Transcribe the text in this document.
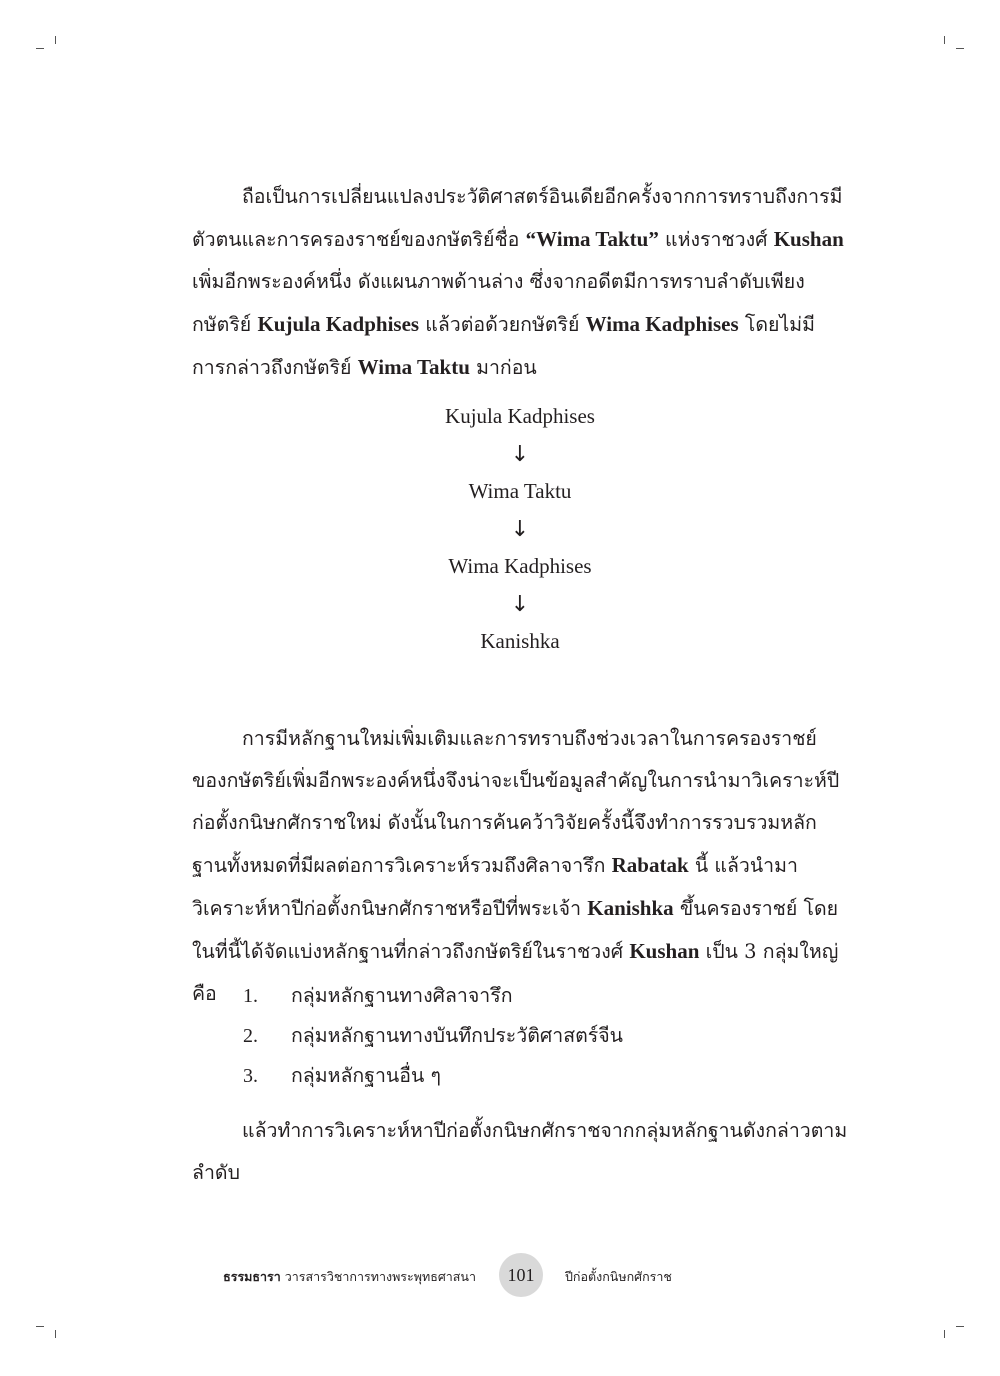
ถือเป็นการเปลี่ยนแปลงประวัติศาสตร์อินเดียอีกครั้งจากการทราบถึงการมีตัวตนและการครองราชย์ของกษัตริย์ชื่อ “Wima Taktu” แห่งราชวงศ์ Kushan เพิ่มอีกพระองค์หนึ่ง ดังแผนภาพด้านล่าง ซึ่งจากอดีตมีการทราบลำดับเพียงกษัตริย์ Kujula Kadphises แล้วต่อด้วยกษัตริย์ Wima Kadphises โดยไม่มีการกล่าวถึงกษัตริย์ Wima Taktu มาก่อน

Kujula Kadphises
↓
Wima Taktu
↓
Wima Kadphises
↓
Kanishka

การมีหลักฐานใหม่เพิ่มเติมและการทราบถึงช่วงเวลาในการครองราชย์ของกษัตริย์เพิ่มอีกพระองค์หนึ่งจึงน่าจะเป็นข้อมูลสำคัญในการนำมาวิเคราะห์ปีก่อตั้งกนิษกศักราชใหม่ ดังนั้นในการค้นคว้าวิจัยครั้งนี้จึงทำการรวบรวมหลักฐานทั้งหมดที่มีผลต่อการวิเคราะห์รวมถึงศิลาจารึก Rabatak นี้ แล้วนำมาวิเคราะห์หาปีก่อตั้งกนิษกศักราชหรือปีที่พระเจ้า Kanishka ขึ้นครองราชย์ โดยในที่นี้ได้จัดแบ่งหลักฐานที่กล่าวถึงกษัตริย์ในราชวงศ์ Kushan เป็น 3 กลุ่มใหญ่คือ	1.	กลุ่มหลักฐานทางศิลาจารึก
2.	กลุ่มหลักฐานทางบันทึกประวัติศาสตร์จีน
3.	กลุ่มหลักฐานอื่น ๆ

แล้วทำการวิเคราะห์หาปีก่อตั้งกนิษกศักราชจากกลุ่มหลักฐานดังกล่าวตามลำดับ

ธรรมธารา วารสารวิชาการทางพระพุทธศาสนา	101	ปีก่อตั้งกนิษกศักราช
